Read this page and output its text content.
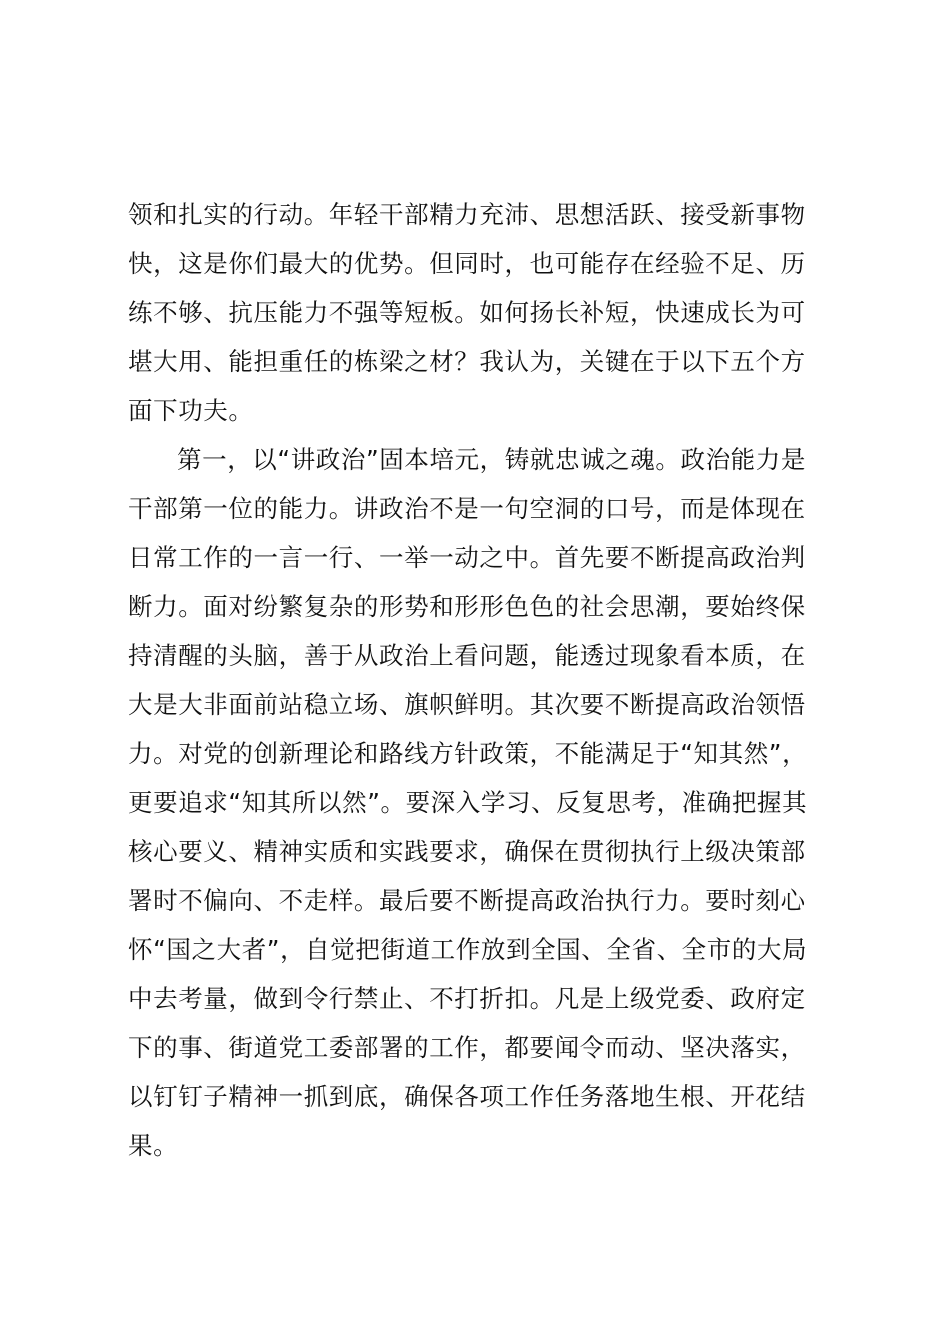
领和扎实的行动。年轻干部精力充沛、思想活跃、接受新事物
快，这是你们最大的优势。但同时，也可能存在经验不足、历
练不够、抗压能力不强等短板。如何扬长补短，快速成长为可
堪大用、能担重任的栋梁之材？我认为，关键在于以下五个方
面下功夫。
第一，以“讲政治”固本培元，铸就忠诚之魂。政治能力是
干部第一位的能力。讲政治不是一句空洞的口号，而是体现在
日常工作的一言一行、一举一动之中。首先要不断提高政治判
断力。面对纷繁复杂的形势和形形色色的社会思潮，要始终保
持清醒的头脑，善于从政治上看问题，能透过现象看本质，在
大是大非面前站稳立场、旗帜鲜明。其次要不断提高政治领悟
力。对党的创新理论和路线方针政策，不能满足于“知其然”，
更要追求“知其所以然”。要深入学习、反复思考，准确把握其
核心要义、精神实质和实践要求，确保在贯彻执行上级决策部
署时不偏向、不走样。最后要不断提高政治执行力。要时刻心
怀“国之大者”，自觉把街道工作放到全国、全省、全市的大局
中去考量，做到令行禁止、不打折扣。凡是上级党委、政府定
下的事、街道党工委部署的工作，都要闻令而动、坚决落实，
以钉钉子精神一抓到底，确保各项工作任务落地生根、开花结
果。
